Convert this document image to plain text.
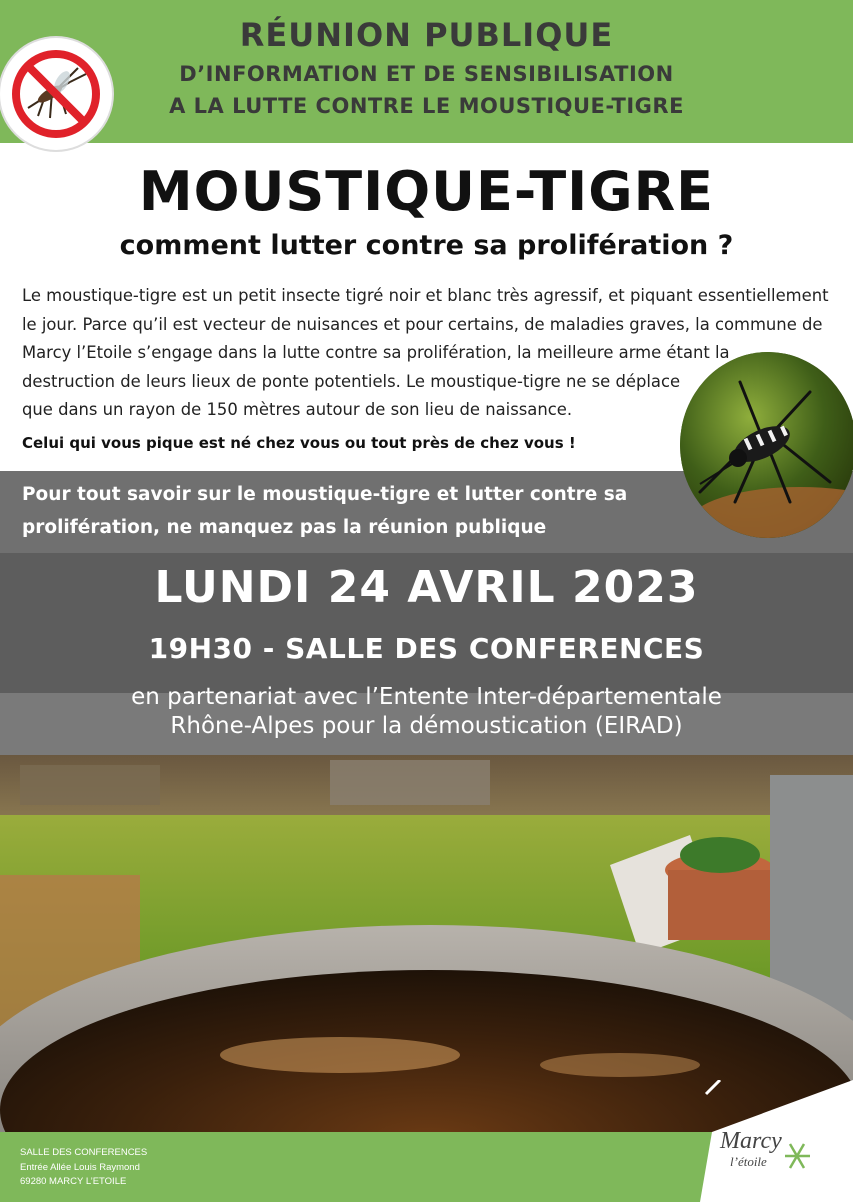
RÉUNION PUBLIQUE
D’INFORMATION ET DE SENSIBILISATION
A LA LUTTE CONTRE LE MOUSTIQUE-TIGRE
MOUSTIQUE-TIGRE
comment lutter contre sa prolifération ?
Le moustique-tigre est un petit insecte tigré noir et blanc très agressif, et piquant essentiellement
le jour. Parce qu’il est vecteur de nuisances et pour certains, de maladies graves, la commune de
Marcy l’Etoile s’engage dans la lutte contre sa prolifération, la meilleure arme étant la
destruction de leurs lieux de ponte potentiels. Le moustique-tigre ne se déplace
que dans un rayon de 150 mètres autour de son lieu de naissance.
Celui qui vous pique est né chez vous ou tout près de chez vous !
Pour tout savoir sur le moustique-tigre et lutter contre sa
prolifération, ne manquez pas la réunion publique
LUNDI 24 AVRIL 2023
19H30 - SALLE DES CONFERENCES
en partenariat avec l’Entente Inter-départementale
Rhône-Alpes pour la démoustication (EIRAD)
SALLE DES CONFERENCES
Entrée Allée Louis Raymond
69280 MARCY L’ETOILE
Marcy
l’étoile
